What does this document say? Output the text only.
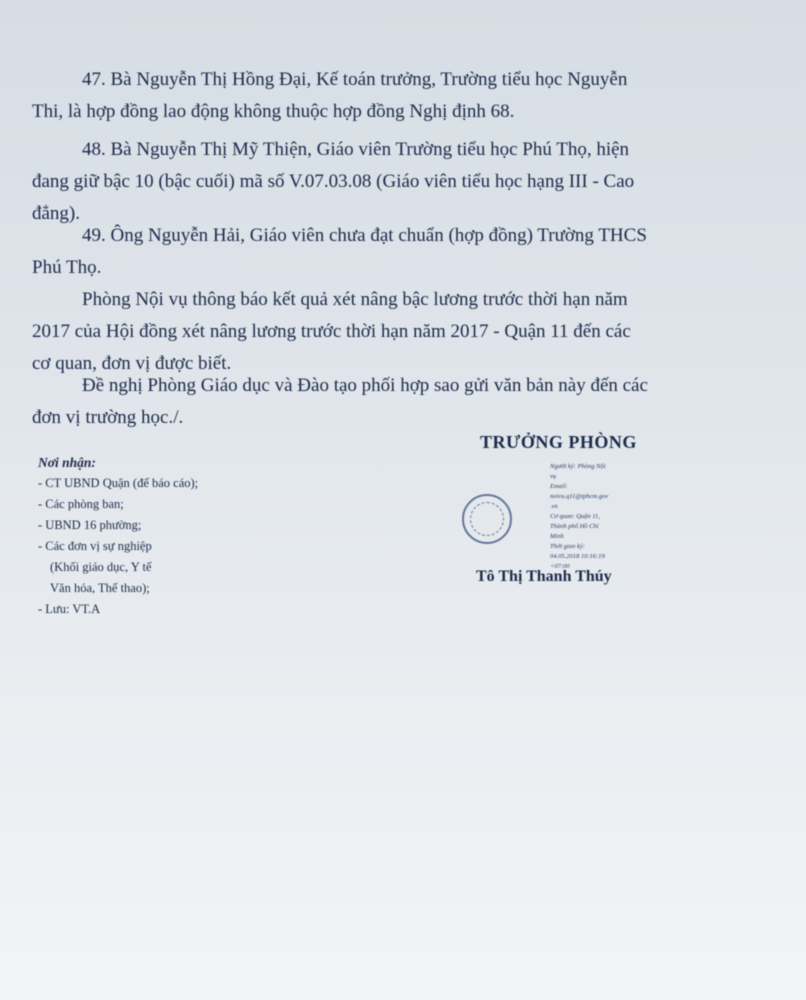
47. Bà Nguyễn Thị Hồng Đại, Kế toán trưởng, Trường tiểu học Nguyễn
Thi, là hợp đồng lao động không thuộc hợp đồng Nghị định 68.
48. Bà Nguyễn Thị Mỹ Thiện, Giáo viên Trường tiểu học Phú Thọ, hiện
đang giữ bậc 10 (bậc cuối) mã số V.07.03.08 (Giáo viên tiểu học hạng III - Cao
đẳng).
49. Ông Nguyễn Hải, Giáo viên chưa đạt chuẩn (hợp đồng) Trường THCS
Phú Thọ.
Phòng Nội vụ thông báo kết quả xét nâng bậc lương trước thời hạn năm
2017 của Hội đồng xét nâng lương trước thời hạn năm 2017 - Quận 11 đến các
cơ quan, đơn vị được biết.
Đề nghị Phòng Giáo dục và Đào tạo phối hợp sao gửi văn bản này đến các
đơn vị trường học./.
Nơi nhận:
- CT UBND Quận (để báo cáo);
- Các phòng ban;
- UBND 16 phường;
- Các đơn vị sự nghiệp
(Khối giáo dục, Y tế
Văn hóa, Thể thao);
- Lưu: VT.A
TRƯỞNG PHÒNG
Người ký: Phòng Nội
vụ
Email:
noivu.q11@tphcm.gov
.vn
Cơ quan: Quận 11,
Thành phố Hồ Chí
Minh
Thời gian ký:
04.05.2018 10:16:19
+07:00
Tô Thị Thanh Thúy
